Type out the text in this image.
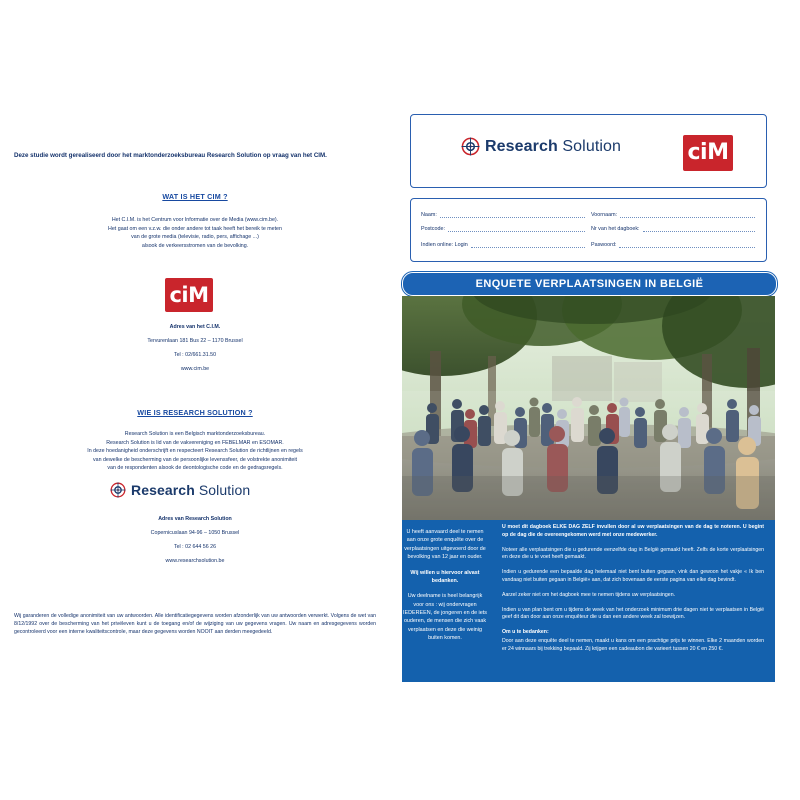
Deze studie wordt gerealiseerd door het marktonderzoeksbureau Research Solution op vraag van het CIM.
WAT IS HET CIM ?

Het C.I.M. is het Centrum voor Informatie over de Media (www.cim.be).

Het gaat om een v.z.w. die onder andere tot taak heeft het bereik te meten

van de grote media (televisie, radio, pers, affichage ...)

alsook de verkeersstromen van de bevolking.

ciM

Adres van het C.I.M.

Tervurenlaan 181 Bus 22 – 1170 Brussel

Tel : 02/661.31.50

www.cim.be

WIE IS RESEARCH SOLUTION ?

Research Solution is een Belgisch marktonderzoeksbureau.

Research Solution is lid van de vakvereniging en FEBELMAR en ESOMAR.

In deze hoedanigheid onderschrijft en respecteert Research Solution de richtlijnen en regels

van dewelke de bescherming van de persoonlijke levenssfeer, de volstrekte anonimiteit

van de respondenten alsook de deontologische code en de gedragsregels.

Research Solution

Adres van Research Solution

Copernicuslaan 94-96 – 1050 Brussel

Tel : 02 644 56 26

www.researchsolution.be

Wij garanderen de volledige anonimiteit van uw antwoorden. Alle identificatiegegevens worden afzonderlijk van uw antwoorden verwerkt. Volgens de wet van 8/12/1992 over de bescherming van het privéleven kunt u de toegang en/of de wijziging van uw gegevens vragen. Uw naam en adresgegevens worden gecontroleerd voor een interne kwaliteitscontrole, maar deze gegevens worden NOOIT aan derden meegedeeld.
Research Solution	ciM
Naam:	Voornaam:
Postcode:	Nr van het dagboek:
Indien online: Login	Paswoord:
ENQUETE VERPLAATSINGEN IN BELGIË

U heeft aanvaard deel te nemen aan onze grote enquête over de verplaatsingen uitgevoerd door de bevolking van 12 jaar en ouder.

Wij willen u hiervoor alvast bedanken.

Uw deelname is heel belangrijk voor ons : wij ondervragen IEDEREEN, de jongeren en de iets ouderen, de mensen die zich vaak verplaatsen en deze die weinig buiten komen.

U moet dit dagboek ELKE DAG ZELF invullen door al uw verplaatsingen van de dag te noteren. U begint op de dag die de overeengekomen werd met onze medewerker.

Noteer alle verplaatsingen die u gedurende eenzelfde dag in België gemaakt heeft. Zelfs de korte verplaatsingen en deze die u te voet heeft gemaakt.

Indien u gedurende een bepaalde dag helemaal niet bent buiten gegaan, vink dan gewoon het vakje « Ik ben vandaag niet buiten gegaan in België» aan, dat zich bovenaan de eerste pagina van elke dag bevindt.

Aarzel zeker niet om het dagboek mee te nemen tijdens uw verplaatsingen.

Indien u van plan bent om u tijdens de week van het onderzoek minimum drie dagen niet te verplaatsen in België geef dit dan door aan onze enquêteur die u dan een andere week zal toewijzen.

Om u te bedanken:

Door aan deze enquête deel te nemen, maakt u kans om een prachtige prijs te winnen. Elke 2 maanden worden er 24 winnaars bij trekking bepaald. Zij krijgen een cadeaubon die varieert tussen 20 € en 250 €.
